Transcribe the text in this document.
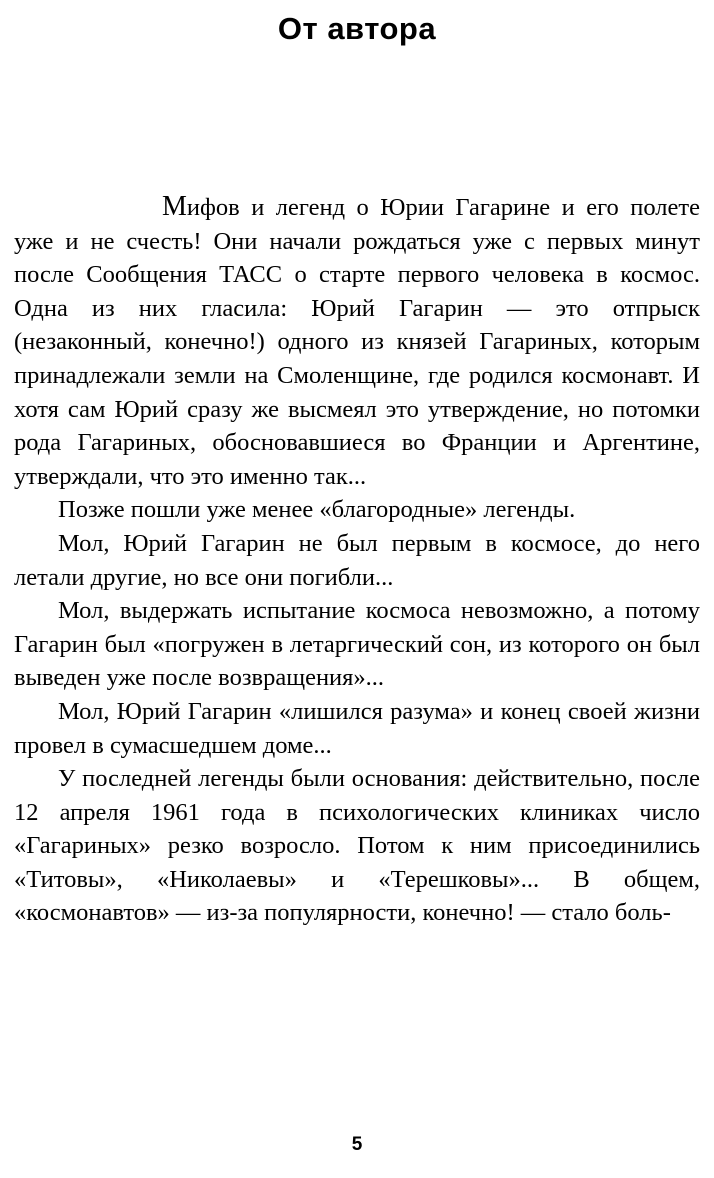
От автора

Мифов и легенд о Юрии Гагарине и его полете уже и не счесть! Они начали рождаться уже с первых минут после Сообщения ТАСС о старте первого человека в космос. Одна из них гласила: Юрий Гагарин — это отпрыск (незаконный, конечно!) одного из князей Гагариных, которым принадлежали земли на Смоленщине, где родился космонавт. И хотя сам Юрий сразу же высмеял это утверждение, но потомки рода Гагариных, обосновавшиеся во Франции и Аргентине, утверждали, что это именно так...

Позже пошли уже менее «благородные» легенды.

Мол, Юрий Гагарин не был первым в космосе, до него летали другие, но все они погибли...

Мол, выдержать испытание космоса невозможно, а потому Гагарин был «погружен в летаргический сон, из которого он был выведен уже после возвращения»...

Мол, Юрий Гагарин «лишился разума» и конец своей жизни провел в сумасшедшем доме...

У последней легенды были основания: действительно, после 12 апреля 1961 года в психологических клиниках число «Гагариных» резко возросло. Потом к ним присоединились «Титовы», «Николаевы» и «Терешковы»... В общем, «космонавтов» — из-за популярности, конечно! — стало боль-

5
